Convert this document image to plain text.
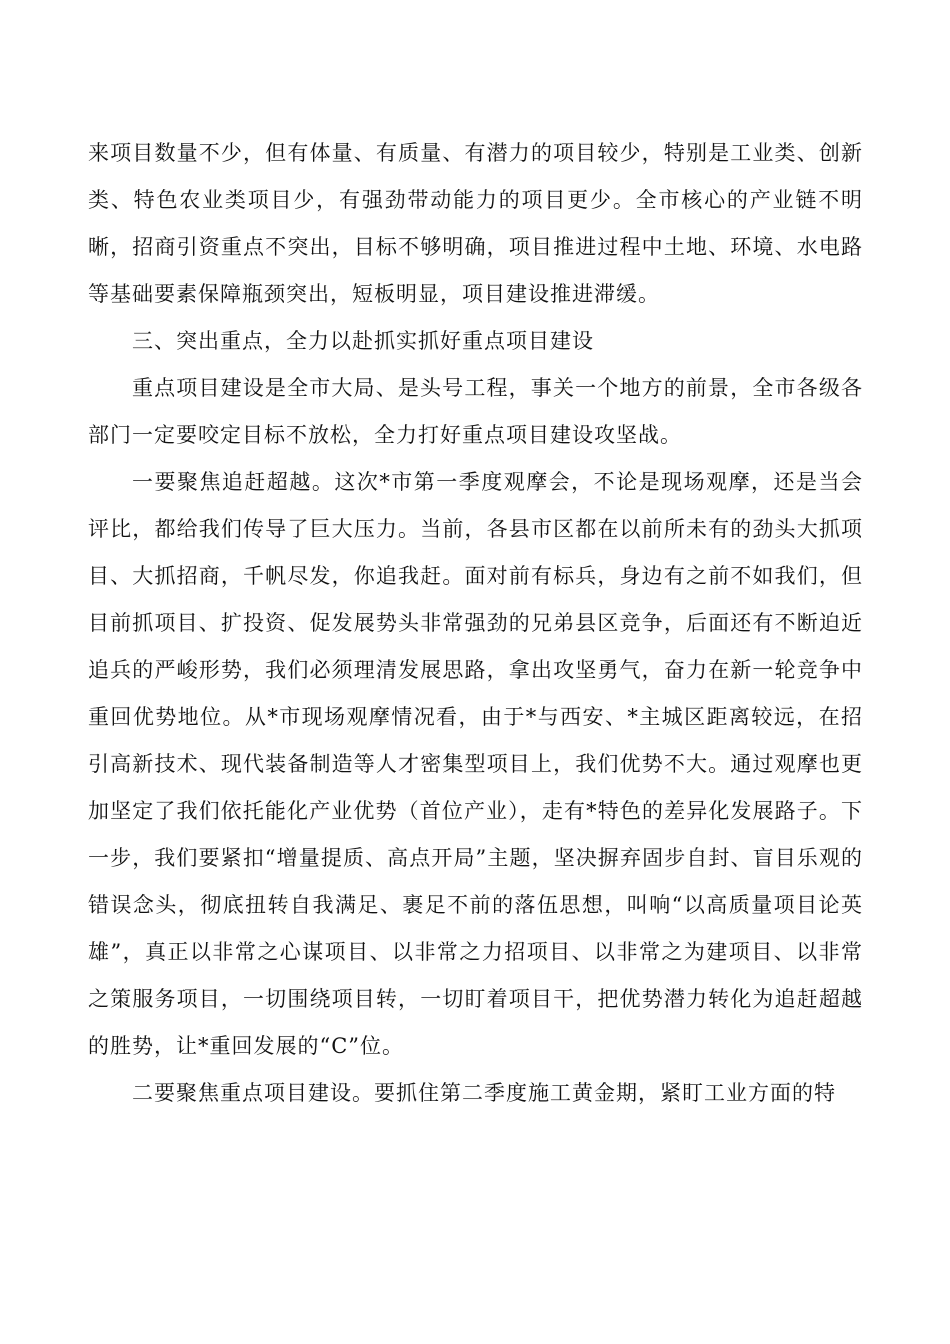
来项目数量不少，但有体量、有质量、有潜力的项目较少，特别是工业类、创新类、特色农业类项目少，有强劲带动能力的项目更少。全市核心的产业链不明晰，招商引资重点不突出，目标不够明确，项目推进过程中土地、环境、水电路等基础要素保障瓶颈突出，短板明显，项目建设推进滞缓。

三、突出重点，全力以赴抓实抓好重点项目建设

重点项目建设是全市大局、是头号工程，事关一个地方的前景，全市各级各部门一定要咬定目标不放松，全力打好重点项目建设攻坚战。

一要聚焦追赶超越。这次*市第一季度观摩会，不论是现场观摩，还是当会评比，都给我们传导了巨大压力。当前，各县市区都在以前所未有的劲头大抓项目、大抓招商，千帆尽发，你追我赶。面对前有标兵，身边有之前不如我们，但目前抓项目、扩投资、促发展势头非常强劲的兄弟县区竞争，后面还有不断迫近追兵的严峻形势，我们必须理清发展思路，拿出攻坚勇气，奋力在新一轮竞争中重回优势地位。从*市现场观摩情况看，由于*与西安、*主城区距离较远，在招引高新技术、现代装备制造等人才密集型项目上，我们优势不大。通过观摩也更加坚定了我们依托能化产业优势（首位产业），走有*特色的差异化发展路子。下一步，我们要紧扣“增量提质、高点开局”主题，坚决摒弃固步自封、盲目乐观的错误念头，彻底扭转自我满足、裹足不前的落伍思想，叫响“以高质量项目论英雄”，真正以非常之心谋项目、以非常之力招项目、以非常之为建项目、以非常之策服务项目，一切围绕项目转，一切盯着项目干，把优势潜力转化为追赶超越的胜势，让*重回发展的“C”位。

二要聚焦重点项目建设。要抓住第二季度施工黄金期，紧盯工业方面的特
